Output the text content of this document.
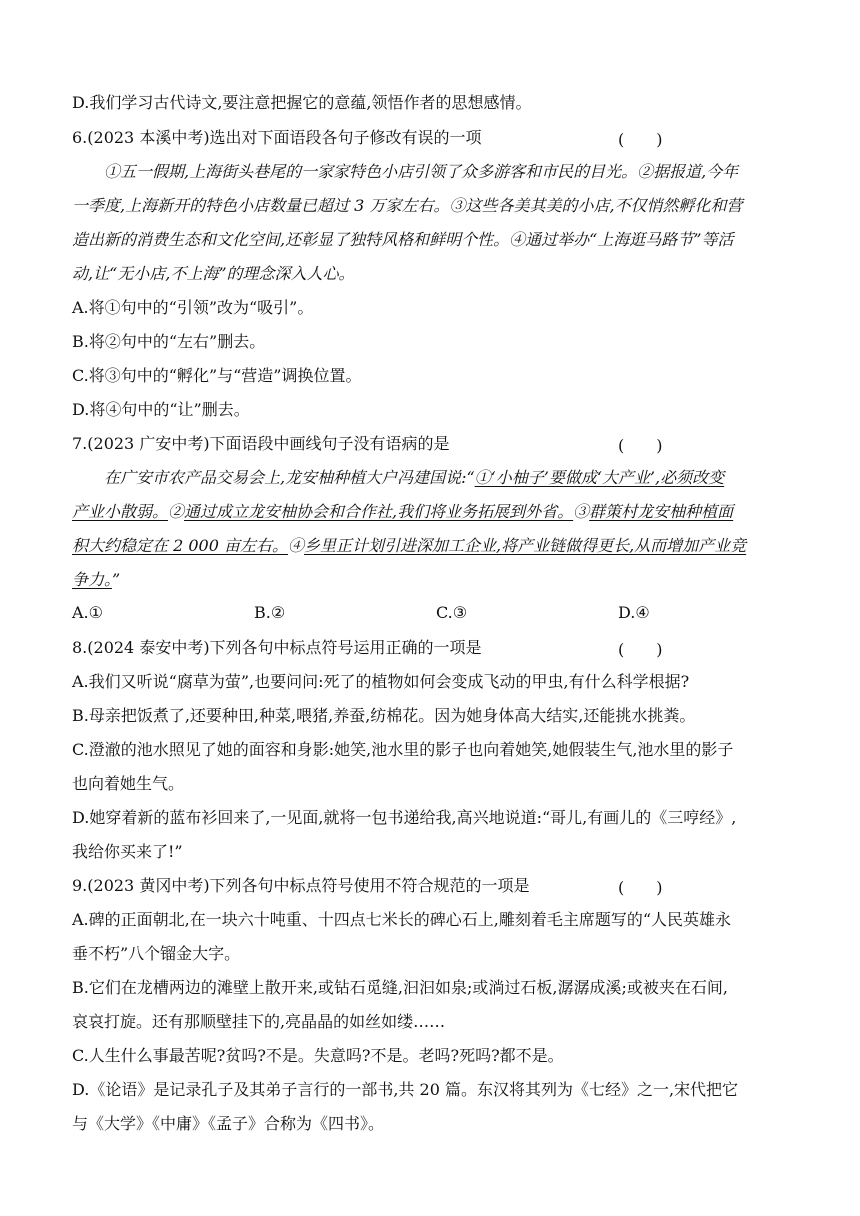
D.我们学习古代诗文,要注意把握它的意蕴,领悟作者的思想感情。
6.(2023 本溪中考)选出对下面语段各句子修改有误的一项	(　　)
①五一假期,上海街头巷尾的一家家特色小店引领了众多游客和市民的目光。②据报道,今年
一季度,上海新开的特色小店数量已超过 3 万家左右。③这些各美其美的小店,不仅悄然孵化和营
造出新的消费生态和文化空间,还彰显了独特风格和鲜明个性。④通过举办“上海逛马路节”等活
动,让“无小店,不上海”的理念深入人心。
A.将①句中的“引领”改为“吸引”。
B.将②句中的“左右”删去。
C.将③句中的“孵化”与“营造”调换位置。
D.将④句中的“让”删去。
7.(2023 广安中考)下面语段中画线句子没有语病的是	(　　)
在广安市农产品交易会上,龙安柚种植大户冯建国说:“①‘小柚子’要做成‘大产业’,必须改变
产业小散弱。②通过成立龙安柚协会和合作社,我们将业务拓展到外省。③群策村龙安柚种植面
积大约稳定在 2 000 亩左右。④乡里正计划引进深加工企业,将产业链做得更长,从而增加产业竞
争力。”
A.①	B.②	C.③	D.④
8.(2024 泰安中考)下列各句中标点符号运用正确的一项是	(　　)
A.我们又听说“腐草为萤”,也要问问:死了的植物如何会变成飞动的甲虫,有什么科学根据?
B.母亲把饭煮了,还要种田,种菜,喂猪,养蚕,纺棉花。因为她身体高大结实,还能挑水挑粪。
C.澄澈的池水照见了她的面容和身影:她笑,池水里的影子也向着她笑,她假装生气,池水里的影子
也向着她生气。
D.她穿着新的蓝布衫回来了,一见面,就将一包书递给我,高兴地说道:“哥儿,有画儿的《三哼经》,
我给你买来了!”
9.(2023 黄冈中考)下列各句中标点符号使用不符合规范的一项是	(　　)
A.碑的正面朝北,在一块六十吨重、十四点七米长的碑心石上,雕刻着毛主席题写的“人民英雄永
垂不朽”八个镏金大字。
B.它们在龙槽两边的滩壁上散开来,或钻石觅缝,汩汩如泉;或淌过石板,潺潺成溪;或被夹在石间,
哀哀打旋。还有那顺壁挂下的,亮晶晶的如丝如缕……
C.人生什么事最苦呢?贫吗?不是。失意吗?不是。老吗?死吗?都不是。
D.《论语》是记录孔子及其弟子言行的一部书,共 20 篇。东汉将其列为《七经》之一,宋代把它
与《大学》《中庸》《孟子》合称为《四书》。
